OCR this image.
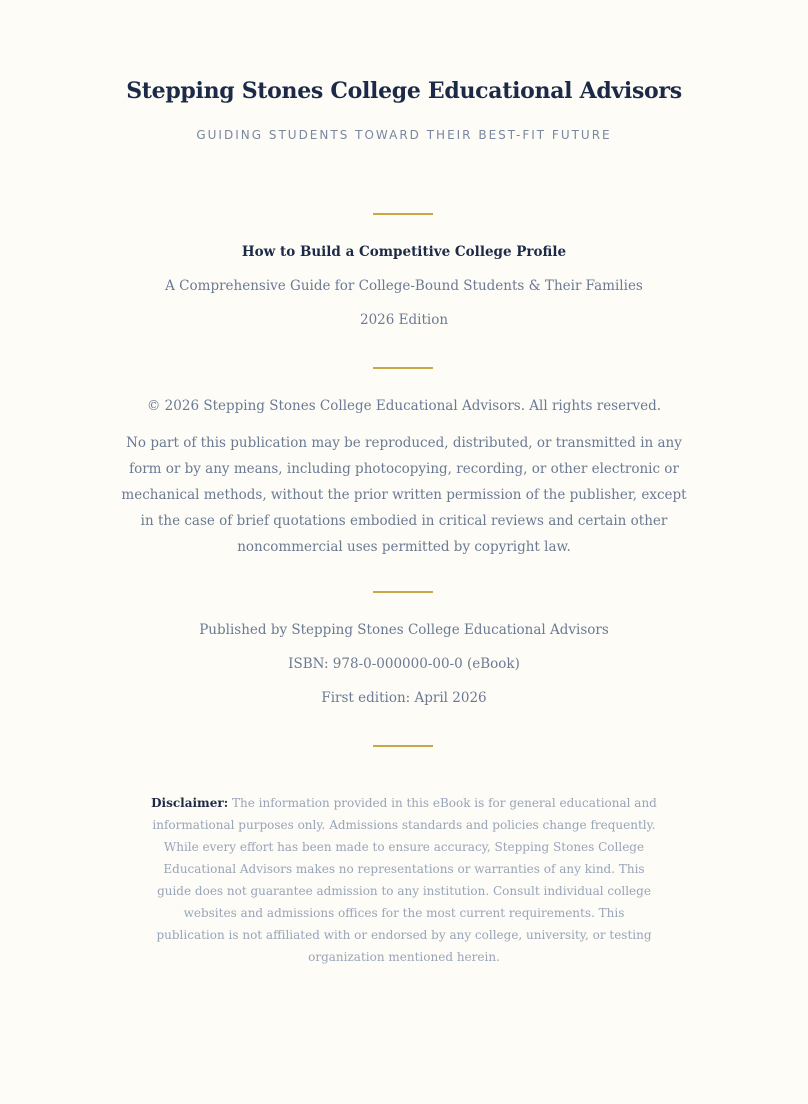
Stepping Stones College Educational Advisors
GUIDING STUDENTS TOWARD THEIR BEST-FIT FUTURE
How to Build a Competitive College Profile
A Comprehensive Guide for College-Bound Students & Their Families
2026 Edition
© 2026 Stepping Stones College Educational Advisors. All rights reserved.
No part of this publication may be reproduced, distributed, or transmitted in any form or by any means, including photocopying, recording, or other electronic or mechanical methods, without the prior written permission of the publisher, except in the case of brief quotations embodied in critical reviews and certain other noncommercial uses permitted by copyright law.
Published by Stepping Stones College Educational Advisors
ISBN: 978-0-000000-00-0 (eBook)
First edition: April 2026
Disclaimer: The information provided in this eBook is for general educational and informational purposes only. Admissions standards and policies change frequently. While every effort has been made to ensure accuracy, Stepping Stones College Educational Advisors makes no representations or warranties of any kind. This guide does not guarantee admission to any institution. Consult individual college websites and admissions offices for the most current requirements. This publication is not affiliated with or endorsed by any college, university, or testing organization mentioned herein.
